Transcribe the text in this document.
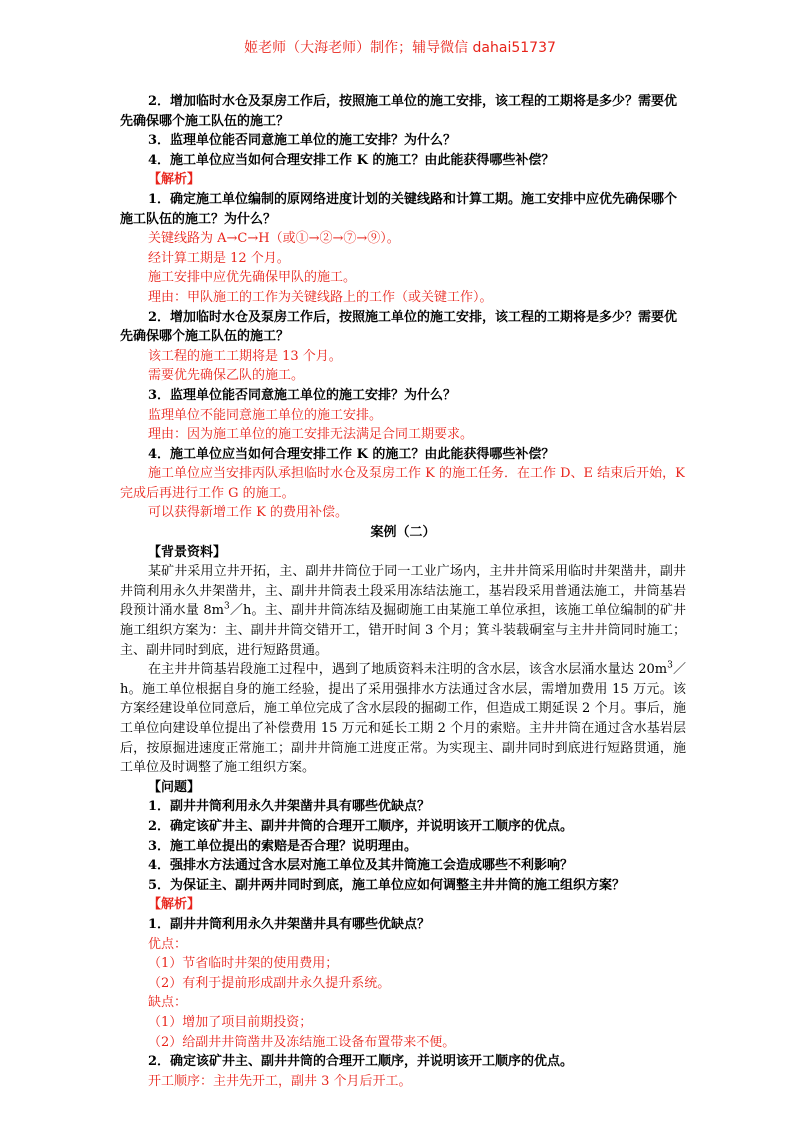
姬老师（大海老师）制作；辅导微信 dahai51737

2．增加临时水仓及泵房工作后，按照施工单位的施工安排，该工程的工期将是多少？需要优先确保哪个施工队伍的施工？

3．监理单位能否同意施工单位的施工安排？为什么？

4．施工单位应当如何合理安排工作 K 的施工？由此能获得哪些补偿？

【解析】

1．确定施工单位编制的原网络进度计划的关键线路和计算工期。施工安排中应优先确保哪个施工队伍的施工？为什么？

关键线路为 A→C→H（或①→②→⑦→⑨）。

经计算工期是 12 个月。

施工安排中应优先确保甲队的施工。

理由：甲队施工的工作为关键线路上的工作（或关键工作）。

2．增加临时水仓及泵房工作后，按照施工单位的施工安排，该工程的工期将是多少？需要优先确保哪个施工队伍的施工？

该工程的施工工期将是 13 个月。

需要优先确保乙队的施工。

3．监理单位能否同意施工单位的施工安排？为什么？

监理单位不能同意施工单位的施工安排。

理由：因为施工单位的施工安排无法满足合同工期要求。

4．施工单位应当如何合理安排工作 K 的施工？由此能获得哪些补偿？

施工单位应当安排丙队承担临时水仓及泵房工作 K 的施工任务．在工作 D、E 结束后开始，K 完成后再进行工作 G 的施工。

可以获得新增工作 K 的费用补偿。

案例（二）

【背景资料】

某矿井采用立井开拓，主、副井井筒位于同一工业广场内，主井井筒采用临时井架凿井，副井井筒利用永久井架凿井，主、副井井筒表土段采用冻结法施工，基岩段采用普通法施工，井筒基岩段预计涌水量 $8m^3/h$。主、副井井筒冻结及掘砌施工由某施工单位承担，该施工单位编制的矿井施工组织方案为：主、副井井筒交错开工，错开时间 3 个月；箕斗装载硐室与主井井筒同时施工；主、副井同时到底，进行短路贯通。

在主井井筒基岩段施工过程中，遇到了地质资料未注明的含水层，该含水层涌水量达 $20m^3/h$。施工单位根据自身的施工经验，提出了采用强排水方法通过含水层，需增加费用 15 万元。该方案经建设单位同意后，施工单位完成了含水层段的掘砌工作，但造成工期延误 2 个月。事后，施工单位向建设单位提出了补偿费用 15 万元和延长工期 2 个月的索赔。主井井筒在通过含水基岩层后，按原掘进速度正常施工；副井井筒施工进度正常。为实现主、副井同时到底进行短路贯通，施工单位及时调整了施工组织方案。

【问题】

1．副井井筒利用永久井架凿井具有哪些优缺点？

2．确定该矿井主、副井井筒的合理开工顺序，并说明该开工顺序的优点。

3．施工单位提出的索赔是否合理？说明理由。

4．强排水方法通过含水层对施工单位及其井筒施工会造成哪些不利影响？

5．为保证主、副井两井同时到底，施工单位应如何调整主井井筒的施工组织方案？

【解析】

1．副井井筒利用永久井架凿井具有哪些优缺点？

优点：

（1）节省临时井架的使用费用；

（2）有利于提前形成副井永久提升系统。

缺点：

（1）增加了项目前期投资；

（2）给副井井筒凿井及冻结施工设备布置带来不便。

2．确定该矿井主、副井井筒的合理开工顺序，并说明该开工顺序的优点。

开工顺序：主井先开工，副井 3 个月后开工。
